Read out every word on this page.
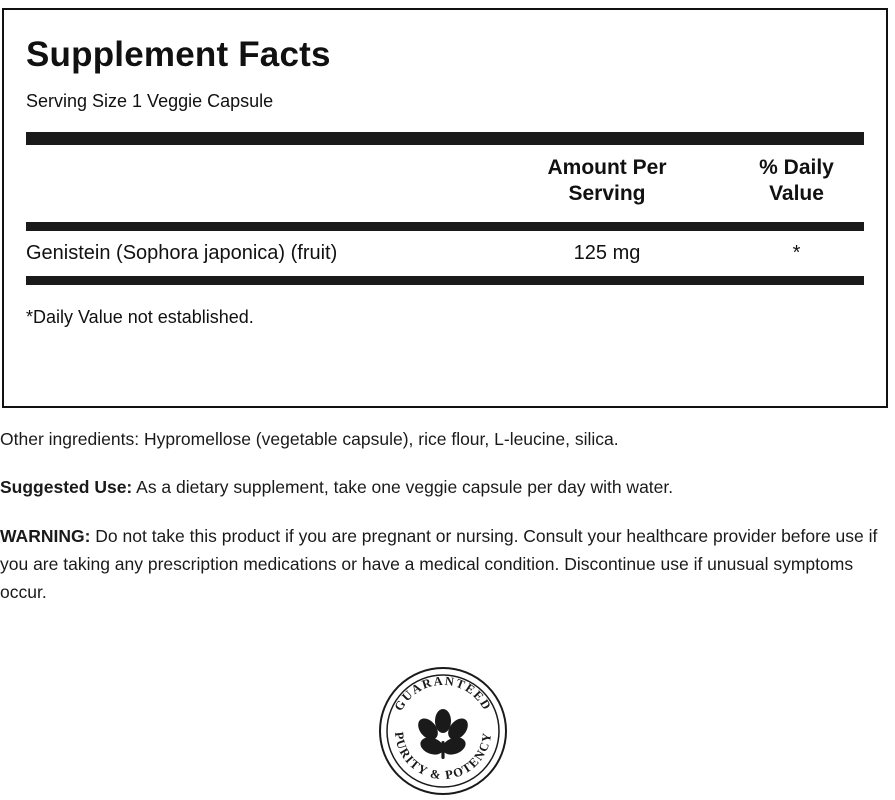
Supplement Facts
Serving Size 1 Veggie Capsule
Amount Per
Serving
% Daily
Value
Genistein (Sophora japonica) (fruit)	125 mg	*
*Daily Value not established.

Other ingredients: Hypromellose (vegetable capsule), rice flour, L-leucine, silica.

Suggested Use: As a dietary supplement, take one veggie capsule per day with water.

WARNING: Do not take this product if you are pregnant or nursing. Consult your healthcare provider before use if you are taking any prescription medications or have a medical condition. Discontinue use if unusual symptoms occur.

GUARANTEED
PURITY & POTENCY
